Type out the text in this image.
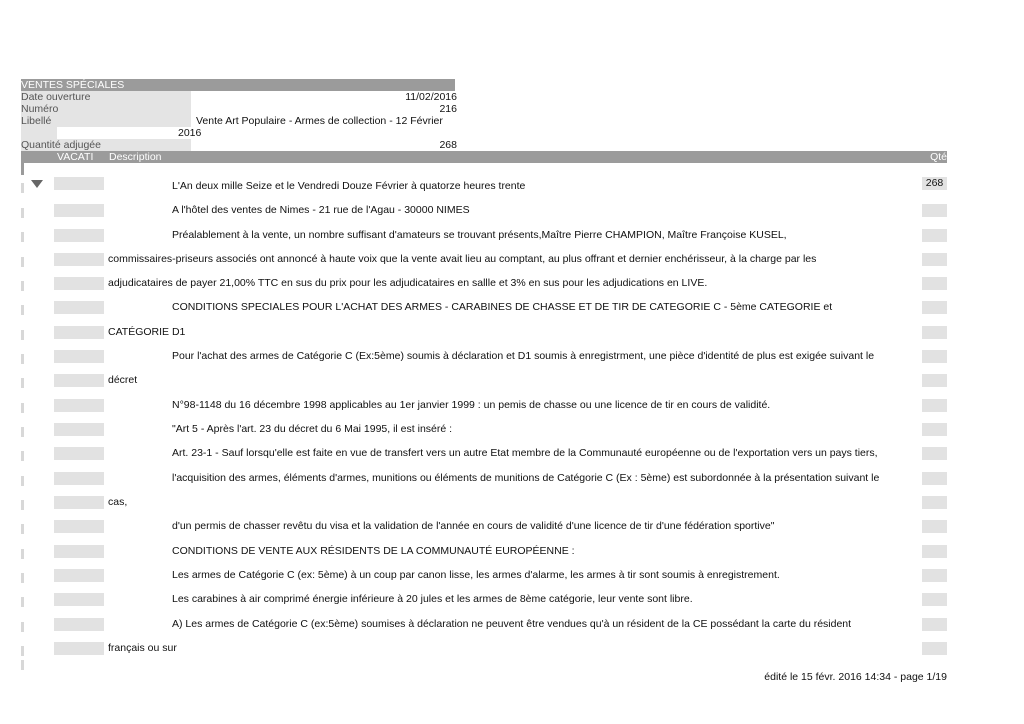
VENTES SPÉCIALES
Date ouverture	11/02/2016
Numéro	216
Libellé	Vente Art Populaire - Armes de collection - 12 Février
2016
Quantité adjugée	268
VACATI Description	Qté
L'An deux mille Seize et le Vendredi Douze Février à quatorze heures trente	268
A l'hôtel des ventes de Nimes - 21 rue de l'Agau - 30000 NIMES
Préalablement à la vente, un nombre suffisant d'amateurs se trouvant présents,Maître Pierre CHAMPION, Maître Françoise KUSEL,
commissaires-priseurs associés ont annoncé à haute voix que la vente avait lieu au comptant, au plus offrant et dernier enchérisseur, à la charge par les
adjudicataires de payer 21,00% TTC en sus du prix pour les adjudicataires en sallle et 3% en sus pour les adjudications en LIVE.
CONDITIONS SPECIALES POUR L'ACHAT DES ARMES - CARABINES DE CHASSE ET DE TIR DE CATEGORIE C - 5ème CATEGORIE et
CATÉGORIE D1
Pour l'achat des armes de Catégorie C (Ex:5ème) soumis à déclaration et D1 soumis à enregistrment, une pièce d'identité de plus est exigée suivant le
décret
N°98-1148 du 16 décembre 1998 applicables au 1er janvier 1999 : un pemis de chasse ou une licence de tir en cours de validité.
"Art 5 - Après l'art. 23 du décret du 6 Mai 1995, il est inséré :
Art. 23-1 - Sauf lorsqu'elle est faite en vue de transfert vers un autre Etat membre de la Communauté européenne ou de l'exportation vers un pays tiers,
l'acquisition des armes, éléments d'armes, munitions ou éléments de munitions de Catégorie C (Ex : 5ème) est subordonnée à la présentation suivant le
cas,
d'un permis de chasser revêtu du visa et la validation de l'année en cours de validité d'une licence de tir d'une fédération sportive"
CONDITIONS DE VENTE AUX RÉSIDENTS DE LA COMMUNAUTÉ EUROPÉENNE :
Les armes de Catégorie C (ex: 5ème) à un coup par canon lisse, les armes d'alarme, les armes à tir sont soumis à enregistrement.
Les carabines à air comprimé énergie inférieure à 20 jules et les armes de 8ème catégorie, leur vente sont libre.
A) Les armes de Catégorie C (ex:5ème) soumises à déclaration ne peuvent être vendues qu'à un résident de la CE possédant la carte du résident
français ou sur
édité le 15 févr. 2016 14:34 - page 1/19
